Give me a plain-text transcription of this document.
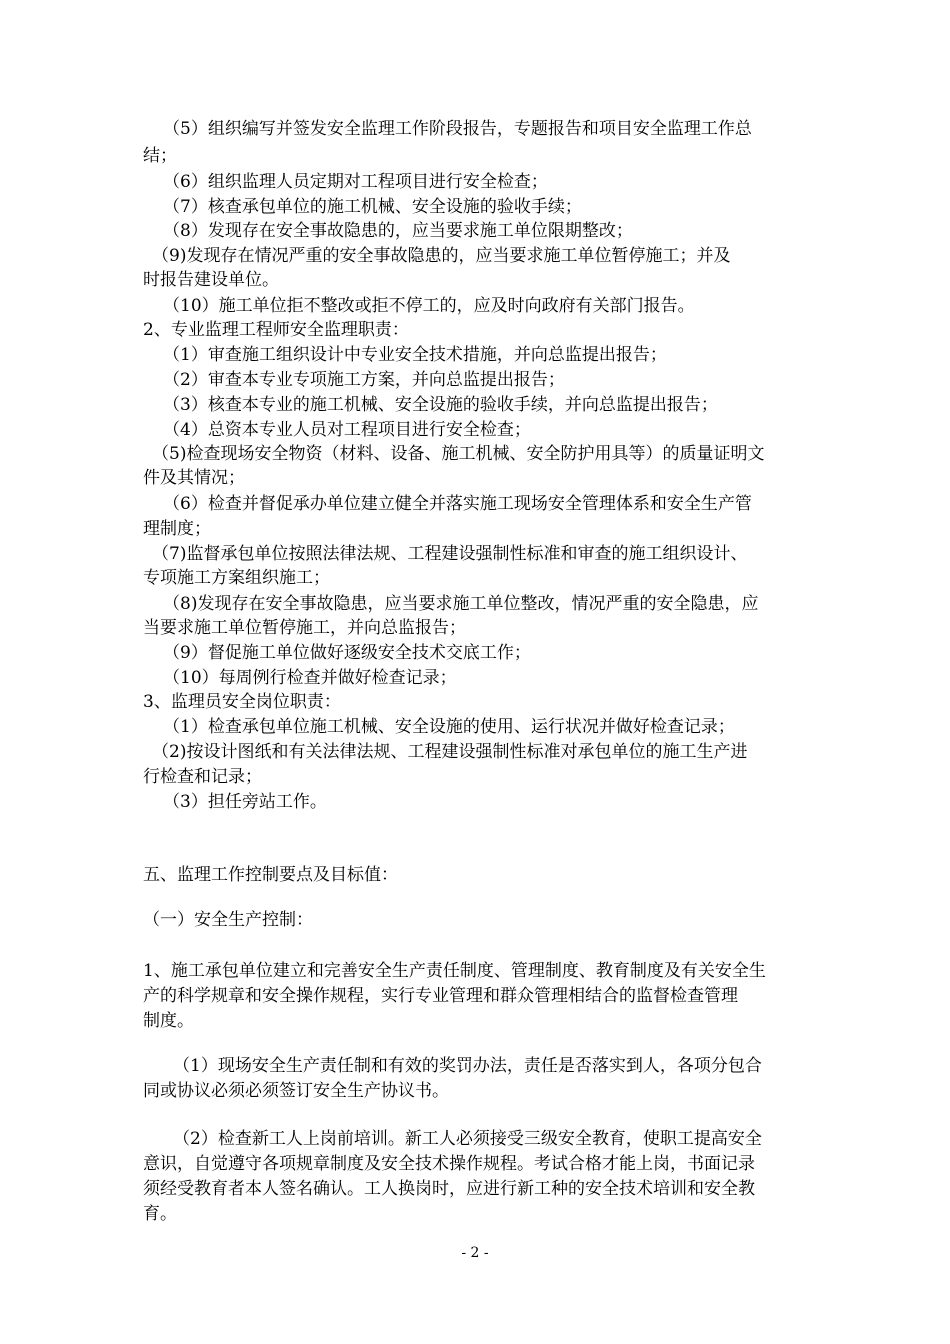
（5）组织编写并签发安全监理工作阶段报告，专题报告和项目安全监理工作总
结；
（6）组织监理人员定期对工程项目进行安全检查；
（7）核查承包单位的施工机械、安全设施的验收手续；
（8）发现存在安全事故隐患的，应当要求施工单位限期整改；
（9)发现存在情况严重的安全事故隐患的，应当要求施工单位暂停施工；并及
时报告建设单位。
（10）施工单位拒不整改或拒不停工的，应及时向政府有关部门报告。
2、专业监理工程师安全监理职责：
（1）审查施工组织设计中专业安全技术措施，并向总监提出报告；
（2）审查本专业专项施工方案，并向总监提出报告；
（3）核查本专业的施工机械、安全设施的验收手续，并向总监提出报告；
（4）总资本专业人员对工程项目进行安全检查；
（5)检查现场安全物资（材料、设备、施工机械、安全防护用具等）的质量证明文
件及其情况；
（6）检查并督促承办单位建立健全并落实施工现场安全管理体系和安全生产管
理制度；
（7)监督承包单位按照法律法规、工程建设强制性标准和审查的施工组织设计、
专项施工方案组织施工；
（8)发现存在安全事故隐患，应当要求施工单位整改，情况严重的安全隐患，应
当要求施工单位暂停施工，并向总监报告；
（9）督促施工单位做好逐级安全技术交底工作；
（10）每周例行检查并做好检查记录；
3、监理员安全岗位职责：
（1）检查承包单位施工机械、安全设施的使用、运行状况并做好检查记录；
（2)按设计图纸和有关法律法规、工程建设强制性标准对承包单位的施工生产进
行检查和记录；
（3）担任旁站工作。
五、监理工作控制要点及目标值：
（一）安全生产控制：
1、施工承包单位建立和完善安全生产责任制度、管理制度、教育制度及有关安全生
产的科学规章和安全操作规程，实行专业管理和群众管理相结合的监督检查管理
制度。
（1）现场安全生产责任制和有效的奖罚办法，责任是否落实到人，各项分包合
同或协议必须必须签订安全生产协议书。
（2）检查新工人上岗前培训。新工人必须接受三级安全教育，使职工提高安全
意识，自觉遵守各项规章制度及安全技术操作规程。考试合格才能上岗，书面记录
须经受教育者本人签名确认。工人换岗时，应进行新工种的安全技术培训和安全教
育。
- 2 -
